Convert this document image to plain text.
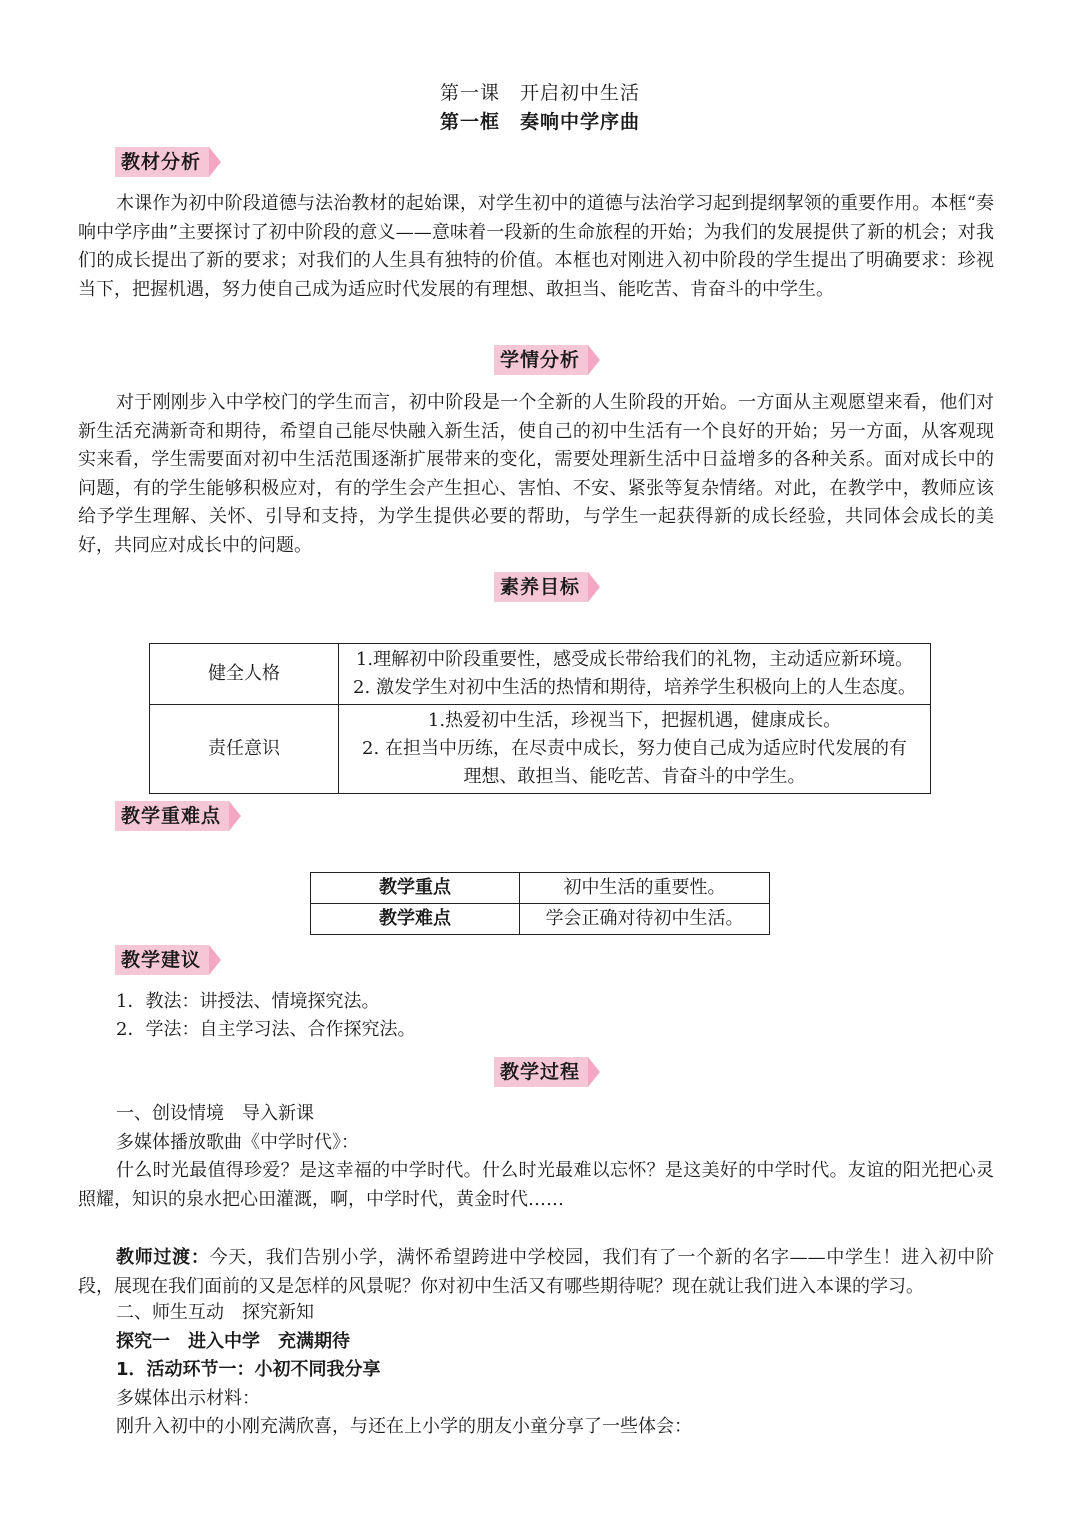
第一课　开启初中生活
第一框　奏响中学序曲
教材分析
木课作为初中阶段道德与法治教材的起始课，对学生初中的道德与法治学习起到提纲挈领的重要作用。本框“奏响中学序曲”主要探讨了初中阶段的意义——意味着一段新的生命旅程的开始；为我们的发展提供了新的机会；对我们的成长提出了新的要求；对我们的人生具有独特的价值。本框也对刚进入初中阶段的学生提出了明确要求：珍视当下，把握机遇，努力使自己成为适应时代发展的有理想、敢担当、能吃苦、肯奋斗的中学生。
学情分析
对于刚刚步入中学校门的学生而言，初中阶段是一个全新的人生阶段的开始。一方面从主观愿望来看，他们对新生活充满新奇和期待，希望自己能尽快融入新生活，使自己的初中生活有一个良好的开始；另一方面，从客观现实来看，学生需要面对初中生活范围逐渐扩展带来的变化，需要处理新生活中日益增多的各种关系。面对成长中的问题，有的学生能够积极应对，有的学生会产生担心、害怕、不安、紧张等复杂情绪。对此，在教学中，教师应该给予学生理解、关怀、引导和支持，为学生提供必要的帮助，与学生一起获得新的成长经验，共同体会成长的美好，共同应对成长中的问题。
素养目标
健全人格	1.理解初中阶段重要性，感受成长带给我们的礼物，主动适应新环境。
2. 激发学生对初中生活的热情和期待，培养学生积极向上的人生态度。

责任意识	1.热爱初中生活，珍视当下，把握机遇，健康成长。
2. 在担当中历练，在尽责中成长，努力使自己成为适应时代发展的有
理想、敢担当、能吃苦、肯奋斗的中学生。
教学重难点
教学重点	初中生活的重要性。
教学难点	学会正确对待初中生活。
教学建议
1．教法：讲授法、情境探究法。
2．学法：自主学习法、合作探究法。
教学过程
一、创设情境　导入新课
多媒体播放歌曲《中学时代》：
什么时光最值得珍爱？是这幸福的中学时代。什么时光最难以忘怀？是这美好的中学时代。友谊的阳光把心灵照耀，知识的泉水把心田灌溉，啊，中学时代，黄金时代……
教师过渡：今天，我们告别小学，满怀希望跨进中学校园，我们有了一个新的名字——中学生！进入初中阶段，展现在我们面前的又是怎样的风景呢？你对初中生活又有哪些期待呢？现在就让我们进入本课的学习。
二、师生互动　探究新知
探究一　进入中学　充满期待
1．活动环节一：小初不同我分享
多媒体出示材料：
刚升入初中的小刚充满欣喜，与还在上小学的朋友小童分享了一些体会：
